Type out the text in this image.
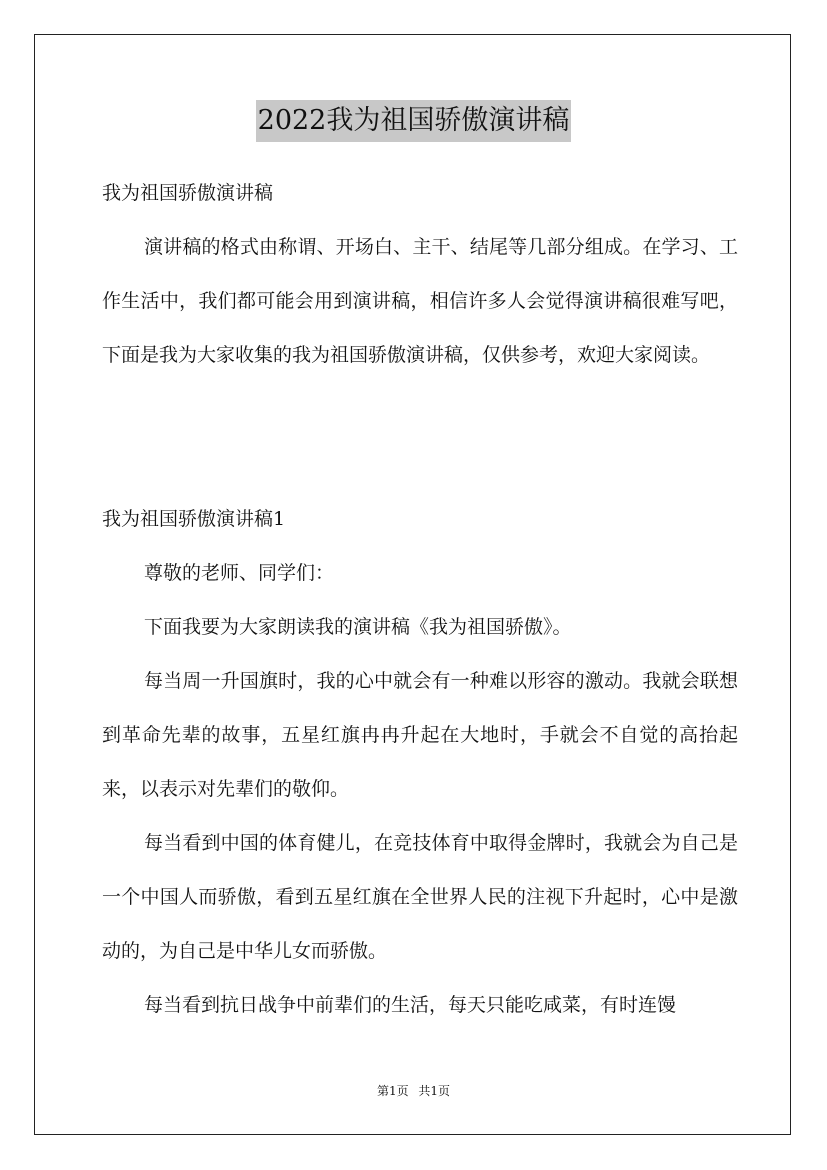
2022我为祖国骄傲演讲稿
我为祖国骄傲演讲稿

演讲稿的格式由称谓、开场白、主干、结尾等几部分组成。在学习、工作生活中，我们都可能会用到演讲稿，相信许多人会觉得演讲稿很难写吧，下面是我为大家收集的我为祖国骄傲演讲稿，仅供参考，欢迎大家阅读。

我为祖国骄傲演讲稿1

尊敬的老师、同学们：

下面我要为大家朗读我的演讲稿《我为祖国骄傲》。

每当周一升国旗时，我的心中就会有一种难以形容的激动。我就会联想到革命先辈的故事，五星红旗冉冉升起在大地时，手就会不自觉的高抬起来，以表示对先辈们的敬仰。

每当看到中国的体育健儿，在竞技体育中取得金牌时，我就会为自己是一个中国人而骄傲，看到五星红旗在全世界人民的注视下升起时，心中是激动的，为自己是中华儿女而骄傲。

每当看到抗日战争中前辈们的生活，每天只能吃咸菜，有时连馒

第1页 共1页
